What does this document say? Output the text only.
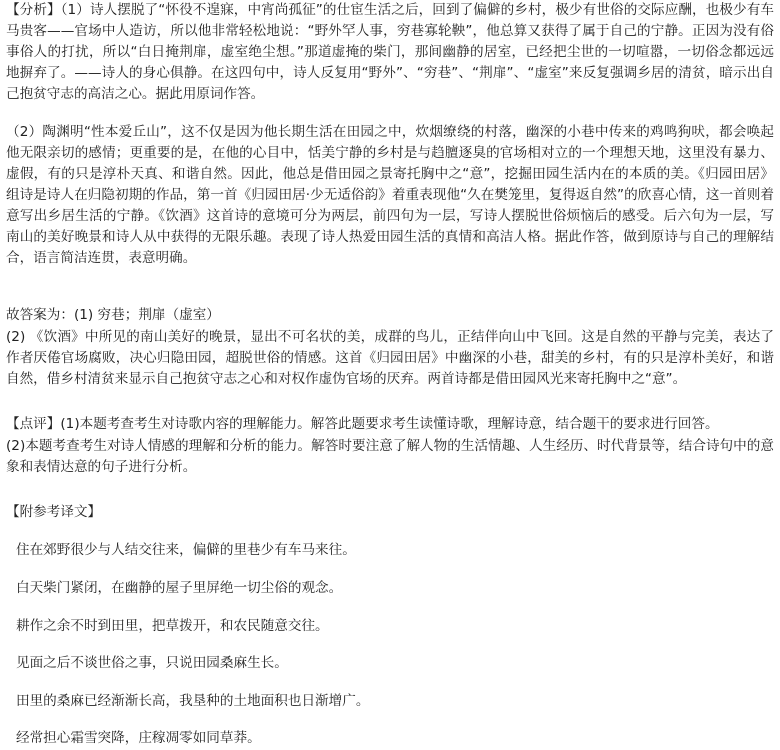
【分析】（1）诗人摆脱了“怀役不遑寐，中宵尚孤征”的仕宦生活之后，回到了偏僻的乡村，极少有世俗的交际应酬，也极少有车马贵客——官场中人造访，所以他非常轻松地说：“野外罕人事，穷巷寡轮鞅”，他总算又获得了属于自己的宁静。正因为没有俗事俗人的打扰，所以“白日掩荆扉，虚室绝尘想。”那道虚掩的柴门，那间幽静的居室，已经把尘世的一切喧嚣，一切俗念都远远地摒弃了。——诗人的身心俱静。在这四句中，诗人反复用“野外”、“穷巷”、“荆扉”、“虚室”来反复强调乡居的清贫，暗示出自己抱贫守志的高洁之心。据此用原词作答。

（2）陶渊明“性本爱丘山”，这不仅是因为他长期生活在田园之中，炊烟缭绕的村落，幽深的小巷中传来的鸡鸣狗吠，都会唤起他无限亲切的感情；更重要的是，在他的心目中，恬美宁静的乡村是与趋膻逐臭的官场相对立的一个理想天地，这里没有暴力、虚假，有的只是淳朴天真、和谐自然。因此，他总是借田园之景寄托胸中之“意”，挖掘田园生活内在的本质的美。《归园田居》组诗是诗人在归隐初期的作品，第一首《归园田居·少无适俗韵》着重表现他“久在樊笼里，复得返自然”的欣喜心情，这一首则着意写出乡居生活的宁静。《饮酒》这首诗的意境可分为两层，前四句为一层，写诗人摆脱世俗烦恼后的感受。后六句为一层，写南山的美好晚景和诗人从中获得的无限乐趣。表现了诗人热爱田园生活的真情和高洁人格。据此作答，做到原诗与自己的理解结合，语言简洁连贯，表意明确。

故答案为：(1) 穷巷；荆扉（虚室）

(2) 《饮酒》中所见的南山美好的晚景，显出不可名状的美，成群的鸟儿，正结伴向山中飞回。这是自然的平静与完美，表达了作者厌倦官场腐败，决心归隐田园，超脱世俗的情感。这首《归园田居》中幽深的小巷，甜美的乡村，有的只是淳朴美好，和谐自然，借乡村清贫来显示自己抱贫守志之心和对权作虚伪官场的厌弃。两首诗都是借田园风光来寄托胸中之“意”。

【点评】(1)本题考查考生对诗歌内容的理解能力。解答此题要求考生读懂诗歌，理解诗意，结合题干的要求进行回答。

(2)本题考查考生对诗人情感的理解和分析的能力。解答时要注意了解人物的生活情趣、人生经历、时代背景等，结合诗句中的意象和表情达意的句子进行分析。

【附参考译文】
住在郊野很少与人结交往来，偏僻的里巷少有车马来往。
白天柴门紧闭，在幽静的屋子里屏绝一切尘俗的观念。
耕作之余不时到田里，把草拨开，和农民随意交往。
见面之后不谈世俗之事，只说田园桑麻生长。
田里的桑麻已经渐渐长高，我垦种的土地面积也日渐增广。
经常担心霜雪突降，庄稼凋零如同草莽。
